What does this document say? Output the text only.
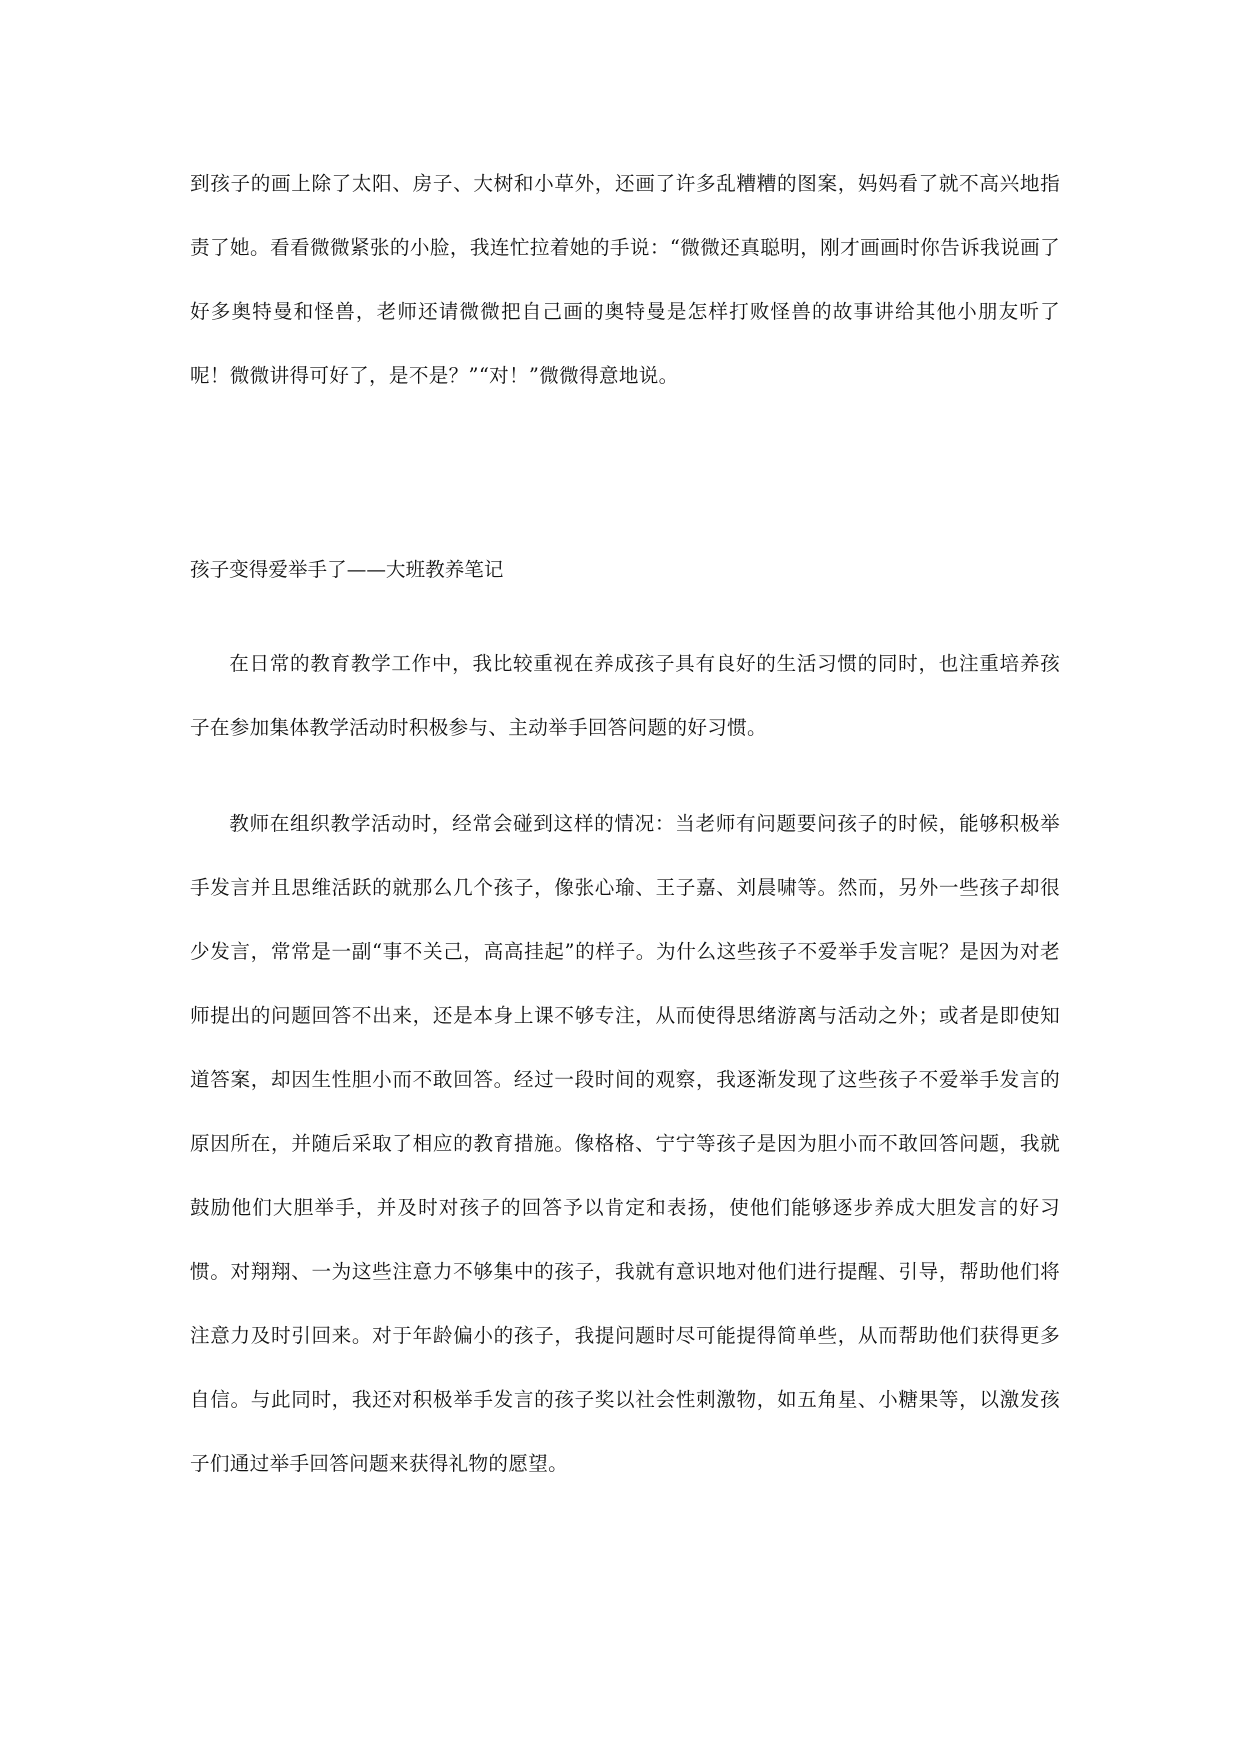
到孩子的画上除了太阳、房子、大树和小草外，还画了许多乱糟糟的图案，妈妈看了就不高兴地指责了她。看看微微紧张的小脸，我连忙拉着她的手说：“微微还真聪明，刚才画画时你告诉我说画了好多奥特曼和怪兽，老师还请微微把自己画的奥特曼是怎样打败怪兽的故事讲给其他小朋友听了呢！微微讲得可好了，是不是？”“对！”微微得意地说。

孩子变得爱举手了——大班教养笔记

在日常的教育教学工作中，我比较重视在养成孩子具有良好的生活习惯的同时，也注重培养孩子在参加集体教学活动时积极参与、主动举手回答问题的好习惯。

教师在组织教学活动时，经常会碰到这样的情况：当老师有问题要问孩子的时候，能够积极举手发言并且思维活跃的就那么几个孩子，像张心瑜、王子嘉、刘晨啸等。然而，另外一些孩子却很少发言，常常是一副“事不关己，高高挂起”的样子。为什么这些孩子不爱举手发言呢？是因为对老师提出的问题回答不出来，还是本身上课不够专注，从而使得思绪游离与活动之外；或者是即使知道答案，却因生性胆小而不敢回答。经过一段时间的观察，我逐渐发现了这些孩子不爱举手发言的原因所在，并随后采取了相应的教育措施。像格格、宁宁等孩子是因为胆小而不敢回答问题，我就鼓励他们大胆举手，并及时对孩子的回答予以肯定和表扬，使他们能够逐步养成大胆发言的好习惯。对翔翔、一为这些注意力不够集中的孩子，我就有意识地对他们进行提醒、引导，帮助他们将注意力及时引回来。对于年龄偏小的孩子，我提问题时尽可能提得简单些，从而帮助他们获得更多自信。与此同时，我还对积极举手发言的孩子奖以社会性刺激物，如五角星、小糖果等，以激发孩子们通过举手回答问题来获得礼物的愿望。
